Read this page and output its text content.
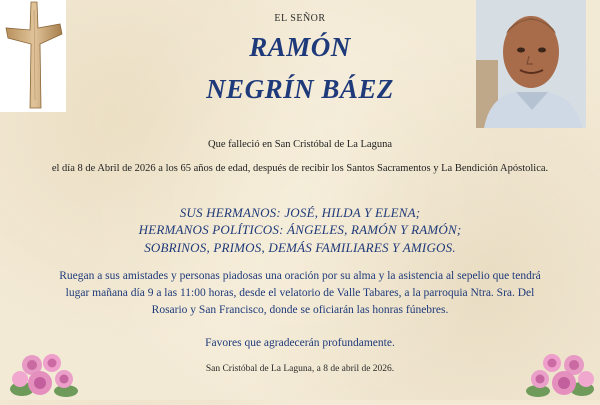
EL SEÑOR
RAMÓN
NEGRÍN BÁEZ
Que falleció en San Cristóbal de La Laguna
el día 8 de Abril de 2026 a los 65 años de edad, después de recibir los Santos Sacramentos y La Bendición Apóstolica.
SUS HERMANOS: JOSÉ, HILDA Y ELENA;
HERMANOS POLÍTICOS: ÁNGELES, RAMÓN Y RAMÓN;
SOBRINOS, PRIMOS, DEMÁS FAMILIARES Y AMIGOS.
Ruegan a sus amistades y personas piadosas una oración por su alma y la asistencia al sepelio que tendrá lugar mañana día 9 a las 11:00 horas, desde el velatorio de Valle Tabares, a la parroquia Ntra. Sra. Del Rosario y San Francisco, donde se oficiarán las honras fúnebres.
Favores que agradecerán profundamente.
San Cristóbal de La Laguna, a 8 de abril de 2026.
